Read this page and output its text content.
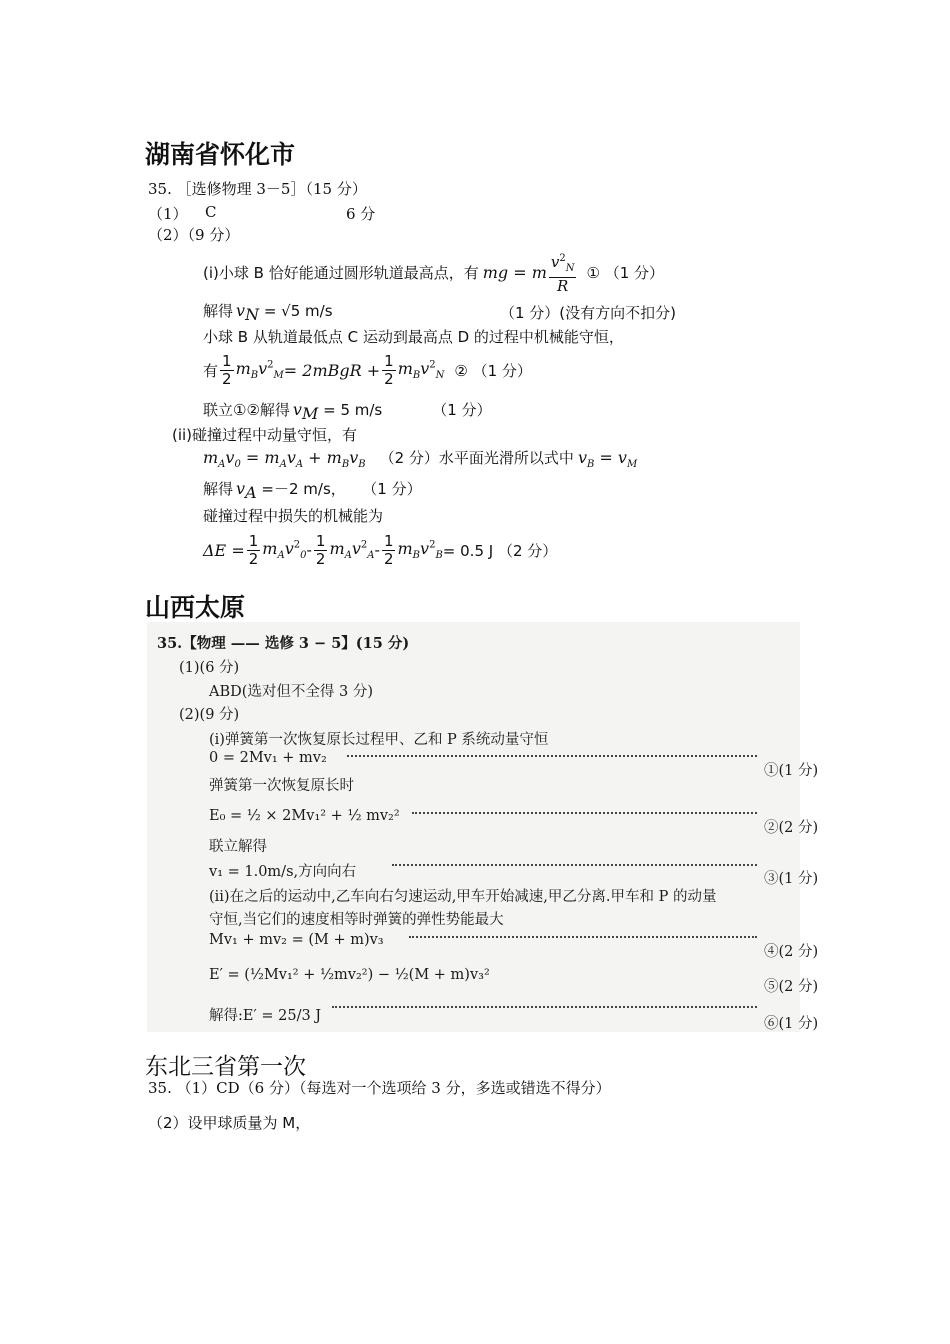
湖南省怀化市
35. ［选修物理 3－5］（15 分）
（1） C	6 分
（2）（9 分）
(i)小球 B 恰好能通过圆形轨道最高点，有 mg = m $\frac{v^2_N}{R}$ ① （1 分）
解得 $v_N = √5$ m/s	（1 分）(没有方向不扣分)
小球 B 从轨道最低点 C 运动到最高点 D 的过程中机械能守恒，
有 $\frac{1}{2} m_Bv^2_M = 2m$ B gR + $\frac{1}{2} m_Bv^2_N$ ② （1 分）
联立①②解得 $v_M = 5$ m/s	（1 分）
(ii)碰撞过程中动量守恒，有
$m_Av_0 = m_Av_A + m_Bv_B$ （2 分）水平面光滑所以式中 $v_B = v_M$
解得 $v_A =-2$ m/s， （1 分）
碰撞过程中损失的机械能为
$\Delta E = \frac{1}{2} m_Av^2_0 - \frac{1}{2} m_Av^2_A - \frac{1}{2} m_Bv^2_B = 0.5$ J （2 分）
山西太原
35.【物理 —— 选修 3 − 5】(15 分)
(1)(6 分)
ABD(选对但不全得 3 分)
(2)(9 分)
(ⅰ)弹簧第一次恢复原长过程甲、乙和 P 系统动量守恒
0 = 2Mv₁ + mv₂
①(1 分)
弹簧第一次恢复原长时
E₀ = ½ × 2Mv₁² + ½ mv₂²
②(2 分)
联立解得
v₁ = 1.0m/s,方向向右	③(1 分)
(ⅱ)在之后的运动中,乙车向右匀速运动,甲车开始减速,甲乙分离.甲车和 P 的动量
守恒,当它们的速度相等时弹簧的弹性势能最大
Mv₁ + mv₂ = (M + m)v₃
④(2 分)
E′ = (½Mv₁² + ½mv₂²) − ½(M + m)v₃²
⑤(2 分)
解得:E′ = 25/3 J	⑥(1 分)
东北三省第一次
35. （1）CD（6 分）（每选对一个选项给 3 分，多选或错选不得分）
（2）设甲球质量为 M，
